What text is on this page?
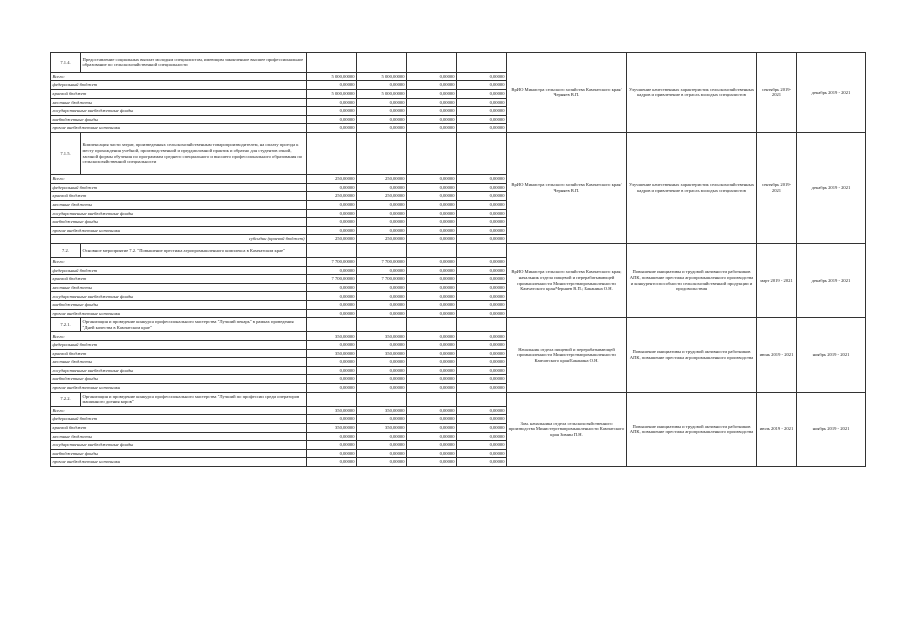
7.1.4.	Предоставление социальных выплат молодым специалистам, имеющим законченное высшее профессиональное образование по сельскохозяйственной специальности					ВрИО Министра сельского хозяйства Камчатского края/Черняев В.П.	Улучшение качественных характеристик сельскохозяйственных кадров и привлечение в отрасль молодых специалистов	сентябрь 2019-2021	декабрь 2019 - 2021
Всего:		5 000,00000	5 000,00000	0,00000	0,00000				
федеральный бюджет		0,00000	0,00000	0,00000	0,00000				
краевой бюджет		5 000,00000	5 000,00000	0,00000	0,00000				
местные бюджеты		0,00000	0,00000	0,00000	0,00000				
государственные внебюджетные фонды		0,00000	0,00000	0,00000	0,00000				
внебюджетные фонды		0,00000	0,00000	0,00000	0,00000				
прочие внебюджетные источники		0,00000	0,00000	0,00000	0,00000				
7.1.5.	Компенсация части затрат, произведенных сельскохозяйственным товаропроизводителем, на оплату проезда к месту прохождения учебной, производственной и преддипломной практик и обратно для студентов очной, заочной формы обучения по программам среднего специального и высшего профессионального образования по сельскохозяйственной специальности					ВрИО Министра сельского хозяйства Камчатского края/Черняев В.П.	Улучшение качественных характеристик сельскохозяйственных кадров и привлечение в отрасль молодых специалистов	сентябрь 2019-2021	декабрь 2019 - 2021
Всего:		250,00000	250,00000	0,00000	0,00000				
федеральный бюджет		0,00000	0,00000	0,00000	0,00000				
краевой бюджет		250,00000	250,00000	0,00000	0,00000				
местные бюджеты		0,00000	0,00000	0,00000	0,00000				
государственные внебюджетные фонды		0,00000	0,00000	0,00000	0,00000				
внебюджетные фонды		0,00000	0,00000	0,00000	0,00000				
прочие внебюджетные источники		0,00000	0,00000	0,00000	0,00000				
субсидии (краевой бюджет)		250,00000	250,00000	0,00000	0,00000				
7.2.	Основное мероприятие 7.2. "Повышение престижа агропромышленного комплекса в Камчатском крае"					ВрИО Министра сельского хозяйства Камчатского края; начальник отдела пищевой и перерабатывающей промышленности Министерствапромышленности Камчатского края/Черняев В.П.; Баканина О.Н.	Повышение инициативы и трудовой активности работников АПК, повышение престижа агропромышленного производства и конкурентоспособности сельскохозяйственной продукции и продовольствия	март 2019 - 2021	декабрь 2019 - 2021
Всего:		7 700,00000	7 700,00000	0,00000	0,00000				
федеральный бюджет		0,00000	0,00000	0,00000	0,00000				
краевой бюджет		7 700,00000	7 700,00000	0,00000	0,00000				
местные бюджеты		0,00000	0,00000	0,00000	0,00000				
государственные внебюджетные фонды		0,00000	0,00000	0,00000	0,00000				
внебюджетные фонды		0,00000	0,00000	0,00000	0,00000				
прочие внебюджетные источники		0,00000	0,00000	0,00000	0,00000				
7.2.1.	Организация и проведение конкурса профессионального мастерства "Лучший пекарь" в рамках проведения "Дней качества в Камчатском крае"					Начальник отдела пищевой и перерабатывающей промышленности Министерствапромышленности Камчатского края/Баканина О.Н.	Повышение инициативы и трудовой активности работников АПК, повышение престижа агропромышленного производства	июнь 2019 - 2021	ноябрь 2019 - 2021
Всего:		350,00000	350,00000	0,00000	0,00000				
федеральный бюджет		0,00000	0,00000	0,00000	0,00000				
краевой бюджет		350,00000	350,00000	0,00000	0,00000				
местные бюджеты		0,00000	0,00000	0,00000	0,00000				
государственные внебюджетные фонды		0,00000	0,00000	0,00000	0,00000				
внебюджетные фонды		0,00000	0,00000	0,00000	0,00000				
прочие внебюджетные источники		0,00000	0,00000	0,00000	0,00000				
7.2.2.	Организация и проведение конкурса профессионального мастерства "Лучший по профессии среди операторов машинного доения коров"					Зам. начальника отдела сельскохозяйственного производства Министерствапромышленности Камчатского края Зимин П.Н.	Повышение инициативы и трудовой активности работников АПК, повышение престижа агропромышленного производства	июль 2019 - 2021	ноябрь 2019 - 2021
Всего:		350,00000	350,00000	0,00000	0,00000				
федеральный бюджет		0,00000	0,00000	0,00000	0,00000				
краевой бюджет		350,00000	350,00000	0,00000	0,00000				
местные бюджеты		0,00000	0,00000	0,00000	0,00000				
государственные внебюджетные фонды		0,00000	0,00000	0,00000	0,00000				
внебюджетные фонды		0,00000	0,00000	0,00000	0,00000				
прочие внебюджетные источники		0,00000	0,00000	0,00000	0,00000				
